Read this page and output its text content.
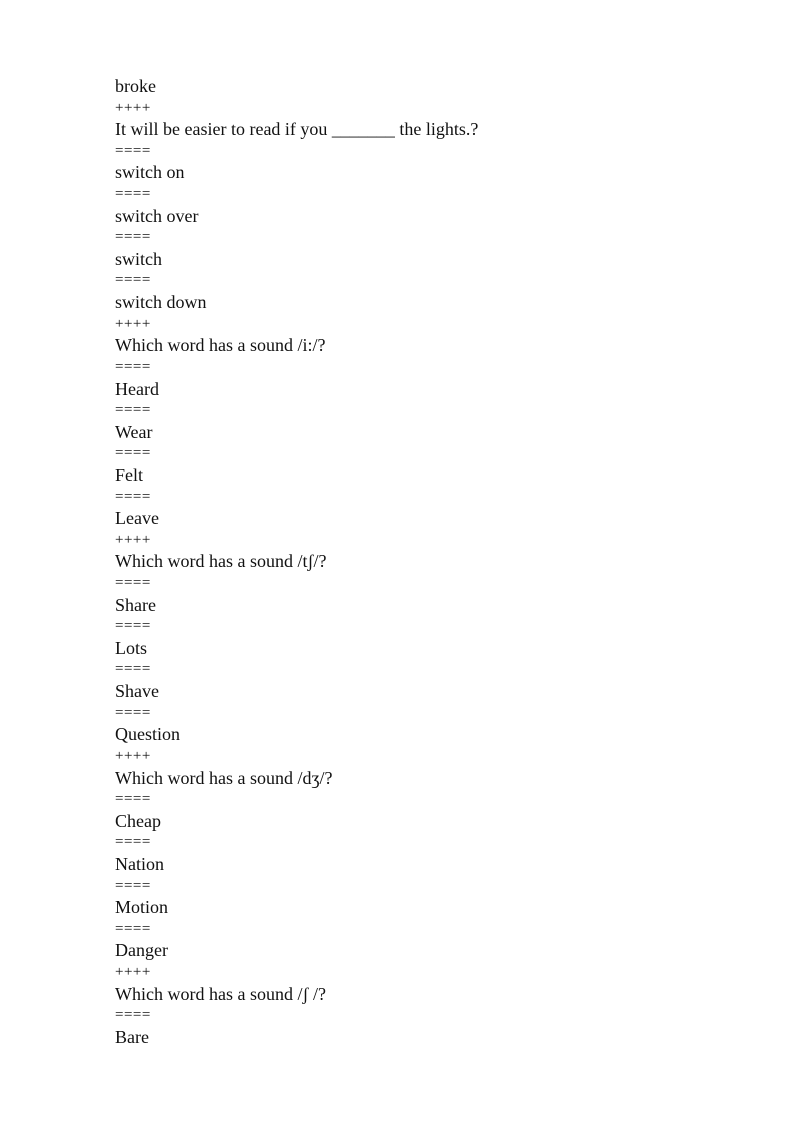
broke
++++
It will be easier to read if you _______ the lights.?
====
switch on
====
switch over
====
switch
====
switch down
++++
Which word has a sound /i:/?
====
Heard
====
Wear
====
Felt
====
Leave
++++
Which word has a sound /tʃ/?
====
Share
====
Lots
====
Shave
====
Question
++++
Which word has a sound /dʒ/?
====
Cheap
====
Nation
====
Motion
====
Danger
++++
Which word has a sound /ʃ /?
====
Bare
